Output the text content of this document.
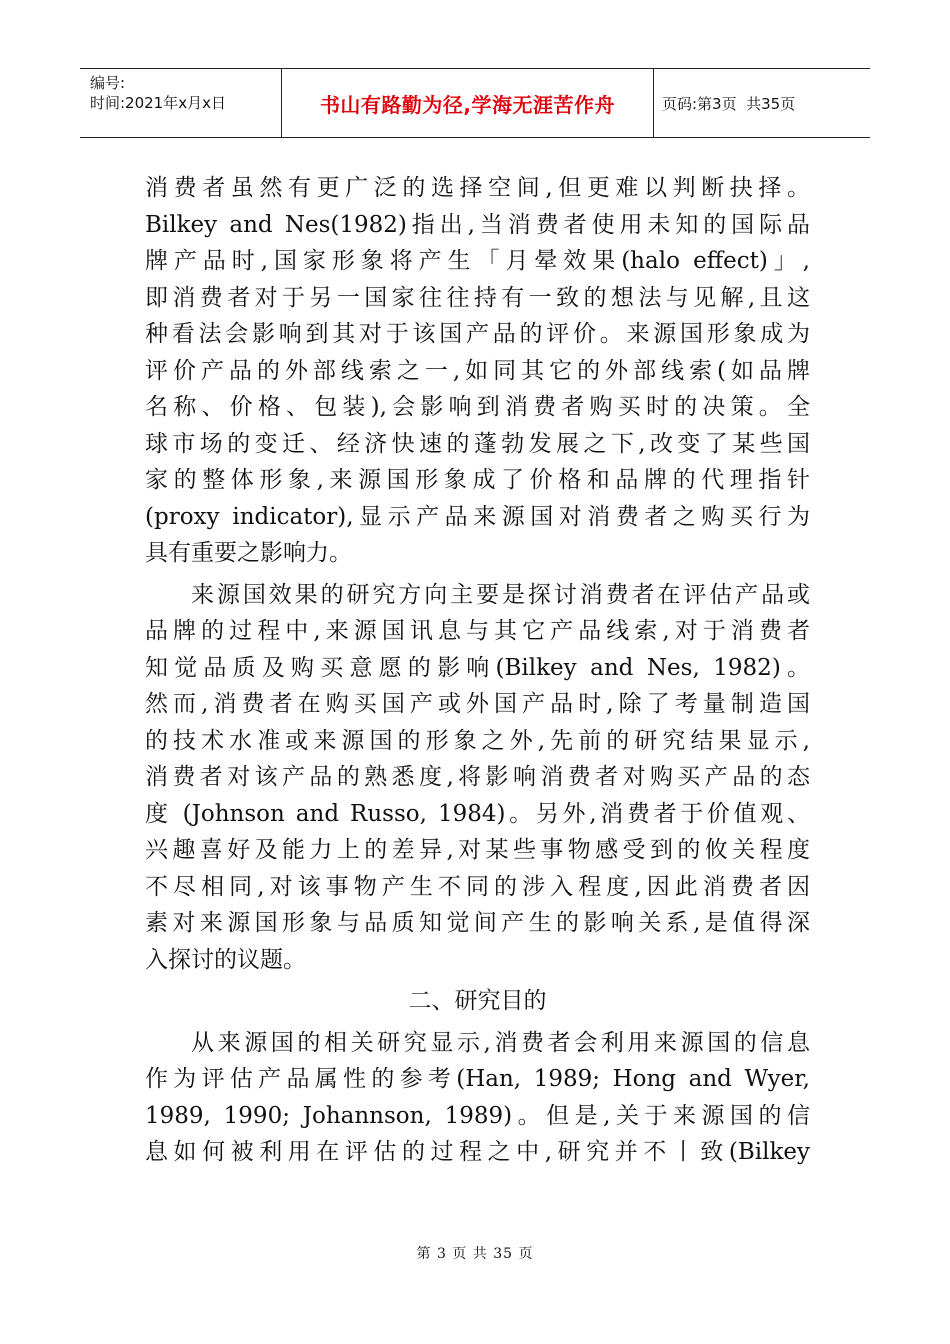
编号:
时间:2021年x月x日	书山有路勤为径,学海无涯苦作舟	页码:第3页  共35页
消费者虽然有更广泛的选择空间,但更难以判断抉择。
Bilkey and Nes(1982)指出,当消费者使用未知的国际品
牌产品时,国家形象将产生「月晕效果(halo effect)」,
即消费者对于另一国家往往持有一致的想法与见解,且这
种看法会影响到其对于该国产品的评价。来源国形象成为
评价产品的外部线索之一,如同其它的外部线索(如品牌
名称、价格、包装),会影响到消费者购买时的决策。全
球市场的变迁、经济快速的蓬勃发展之下,改变了某些国
家的整体形象,来源国形象成了价格和品牌的代理指针
(proxy indicator),显示产品来源国对消费者之购买行为
具有重要之影响力。
来源国效果的研究方向主要是探讨消费者在评估产品或
品牌的过程中,来源国讯息与其它产品线索,对于消费者
知觉品质及购买意愿的影响(Bilkey and Nes, 1982)。
然而,消费者在购买国产或外国产品时,除了考量制造国
的技术水准或来源国的形象之外,先前的研究结果显示,
消费者对该产品的熟悉度,将影响消费者对购买产品的态
度 (Johnson and Russo, 1984)。另外,消费者于价值观、
兴趣喜好及能力上的差异,对某些事物感受到的攸关程度
不尽相同,对该事物产生不同的涉入程度,因此消费者因
素对来源国形象与品质知觉间产生的影响关系,是值得深
入探讨的议题。
二、研究目的
从来源国的相关研究显示,消费者会利用来源国的信息
作为评估产品属性的参考(Han, 1989; Hong and Wyer,
1989, 1990; Johannson, 1989)。但是,关于来源国的信
息如何被利用在评估的过程之中,研究并不丨致(Bilkey
第 3 页 共 35 页
